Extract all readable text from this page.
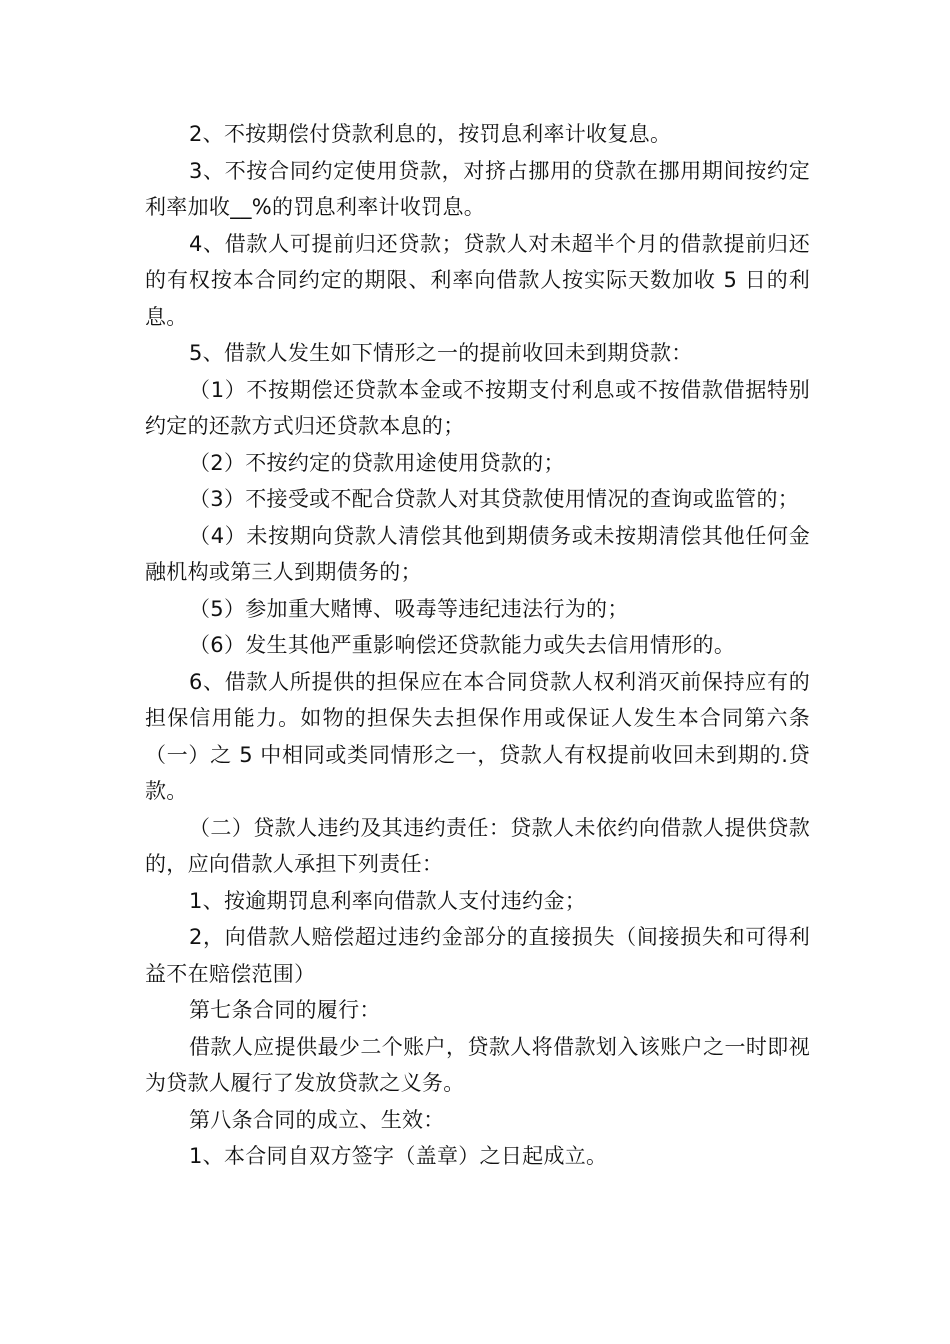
2、不按期偿付贷款利息的，按罚息利率计收复息。

3、不按合同约定使用贷款，对挤占挪用的贷款在挪用期间按约定利率加收__%的罚息利率计收罚息。

4、借款人可提前归还贷款；贷款人对未超半个月的借款提前归还的有权按本合同约定的期限、利率向借款人按实际天数加收 5 日的利息。

5、借款人发生如下情形之一的提前收回未到期贷款：

（1）不按期偿还贷款本金或不按期支付利息或不按借款借据特别约定的还款方式归还贷款本息的；

（2）不按约定的贷款用途使用贷款的；

（3）不接受或不配合贷款人对其贷款使用情况的查询或监管的；

（4）未按期向贷款人清偿其他到期债务或未按期清偿其他任何金融机构或第三人到期债务的；

（5）参加重大赌博、吸毒等违纪违法行为的；

（6）发生其他严重影响偿还贷款能力或失去信用情形的。

6、借款人所提供的担保应在本合同贷款人权利消灭前保持应有的担保信用能力。如物的担保失去担保作用或保证人发生本合同第六条（一）之 5 中相同或类同情形之一，贷款人有权提前收回未到期的.贷款。

（二）贷款人违约及其违约责任：贷款人未依约向借款人提供贷款的，应向借款人承担下列责任：

1、按逾期罚息利率向借款人支付违约金；

2，向借款人赔偿超过违约金部分的直接损失（间接损失和可得利益不在赔偿范围）

第七条合同的履行：

借款人应提供最少二个账户，贷款人将借款划入该账户之一时即视为贷款人履行了发放贷款之义务。

第八条合同的成立、生效：

1、本合同自双方签字（盖章）之日起成立。
